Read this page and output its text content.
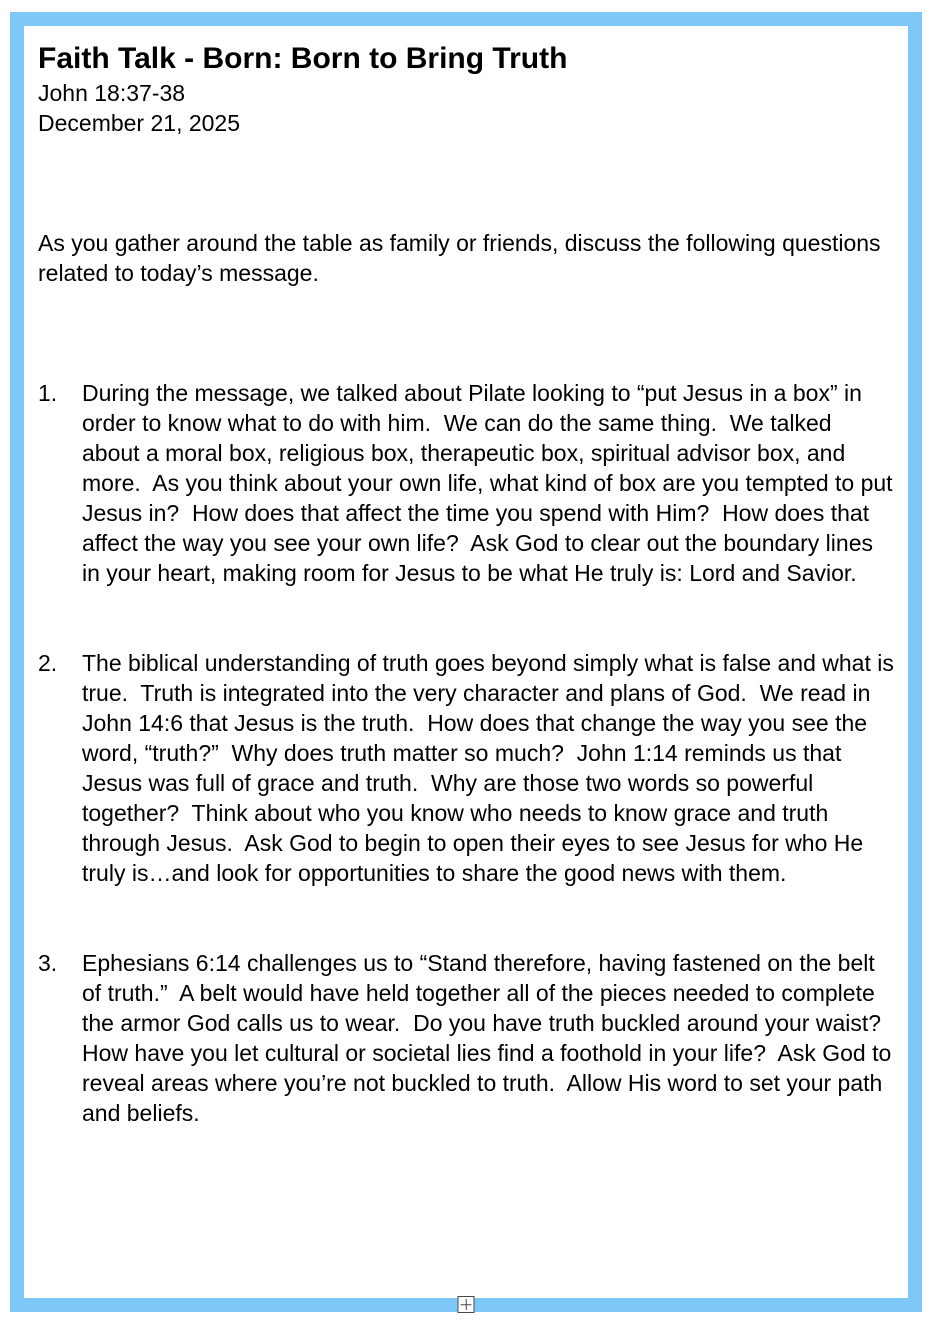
Faith Talk - Born: Born to Bring Truth

John 18:37-38

December 21, 2025

As you gather around the table as family or friends, discuss the following questions related to today’s message.

1.	During the message, we talked about Pilate looking to “put Jesus in a box” in order to know what to do with him.  We can do the same thing.  We talked about a moral box, religious box, therapeutic box, spiritual advisor box, and more.  As you think about your own life, what kind of box are you tempted to put Jesus in?  How does that affect the time you spend with Him?  How does that affect the way you see your own life?  Ask God to clear out the boundary lines in your heart, making room for Jesus to be what He truly is: Lord and Savior.
2.	The biblical understanding of truth goes beyond simply what is false and what is true.  Truth is integrated into the very character and plans of God.  We read in John 14:6 that Jesus is the truth.  How does that change the way you see the word, “truth?”  Why does truth matter so much?  John 1:14 reminds us that Jesus was full of grace and truth.  Why are those two words so powerful together?  Think about who you know who needs to know grace and truth through Jesus.  Ask God to begin to open their eyes to see Jesus for who He truly is…and look for opportunities to share the good news with them.
3.	Ephesians 6:14 challenges us to “Stand therefore, having fastened on the belt of truth.”  A belt would have held together all of the pieces needed to complete the armor God calls us to wear.  Do you have truth buckled around your waist?  How have you let cultural or societal lies find a foothold in your life?  Ask God to reveal areas where you’re not buckled to truth.  Allow His word to set your path and beliefs.
